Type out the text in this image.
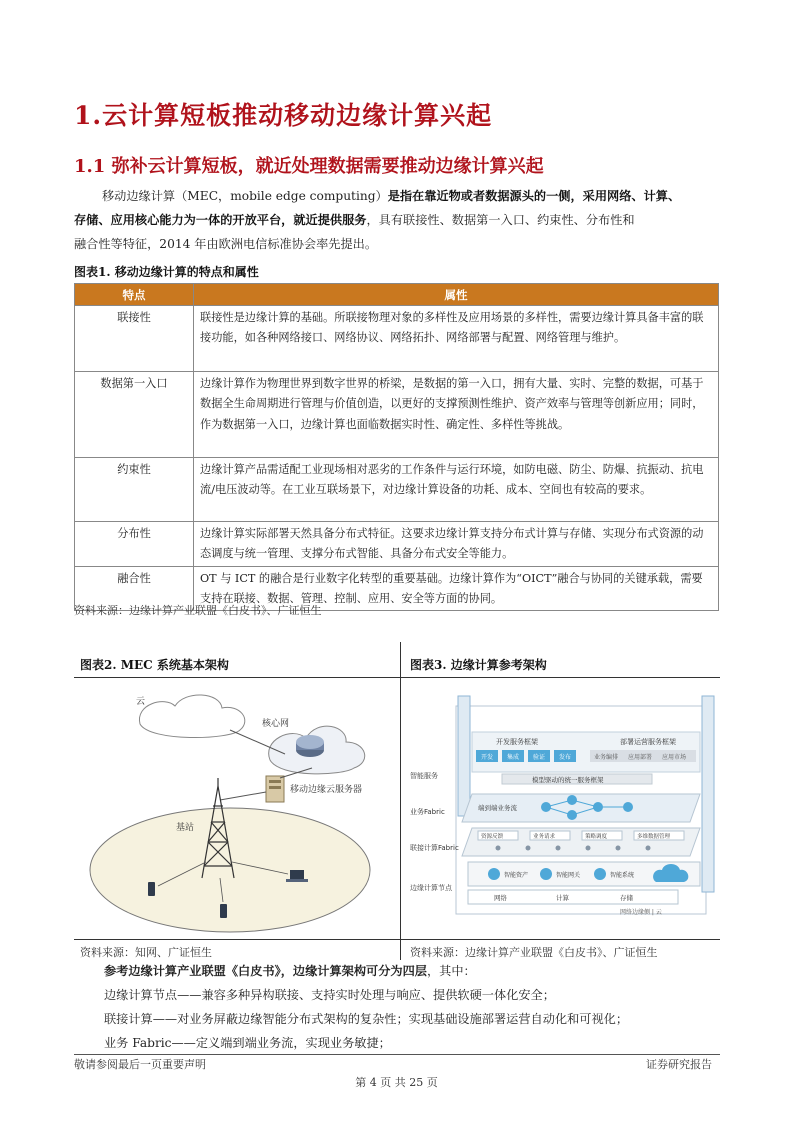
1.云计算短板推动移动边缘计算兴起
1.1 弥补云计算短板，就近处理数据需要推动边缘计算兴起
移动边缘计算（MEC，mobile edge computing）是指在靠近物或者数据源头的一侧，采用网络、计算、
存储、应用核心能力为一体的开放平台，就近提供服务，具有联接性、数据第一入口、约束性、分布性和
融合性等特征，2014 年由欧洲电信标准协会率先提出。
图表1. 移动边缘计算的特点和属性
特点	属性
联接性	联接性是边缘计算的基础。所联接物理对象的多样性及应用场景的多样性，需要边缘计算具备丰富的联接功能，如各种网络接口、网络协议、网络拓扑、网络部署与配置、网络管理与维护。
数据第一入口	边缘计算作为物理世界到数字世界的桥梁，是数据的第一入口，拥有大量、实时、完整的数据，可基于数据全生命周期进行管理与价值创造，以更好的支撑预测性维护、资产效率与管理等创新应用；同时，作为数据第一入口，边缘计算也面临数据实时性、确定性、多样性等挑战。
约束性	边缘计算产品需适配工业现场相对恶劣的工作条件与运行环境，如防电磁、防尘、防爆、抗振动、抗电流/电压波动等。在工业互联场景下，对边缘计算设备的功耗、成本、空间也有较高的要求。
分布性	边缘计算实际部署天然具备分布式特征。这要求边缘计算支持分布式计算与存储、实现分布式资源的动态调度与统一管理、支撑分布式智能、具备分布式安全等能力。
融合性	OT 与 ICT 的融合是行业数字化转型的重要基础。边缘计算作为“OICT”融合与协同的关键承载，需要支持在联接、数据、管理、控制、应用、安全等方面的协同。
资料来源：边缘计算产业联盟《白皮书》、广证恒生
图表2. MEC 系统基本架构	图表3. 边缘计算参考架构
云
核心网
移动边缘云服务器
基站
资料来源：知网、广证恒生
开发服务框架	部署运营服务框架
开发 集成 验证 发布	业务编排 应用部署 应用市场
模型驱动的统一服务框架
智能服务
业务Fabric	端到端业务流
联接计算Fabric
资源反馈	业务请求	策略调度	多维数据管理
边缘计算节点
智能资产	智能网关	智能系统
网络	计算	存储
网络边缘侧 | 云
资料来源：边缘计算产业联盟《白皮书》、广证恒生
参考边缘计算产业联盟《白皮书》，边缘计算架构可分为四层，其中：
边缘计算节点——兼容多种异构联接、支持实时处理与响应、提供软硬一体化安全；
联接计算——对业务屏蔽边缘智能分布式架构的复杂性；实现基础设施部署运营自动化和可视化；
业务 Fabric——定义端到端业务流，实现业务敏捷；
敬请参阅最后一页重要声明	证券研究报告
第 4 页 共 25 页
